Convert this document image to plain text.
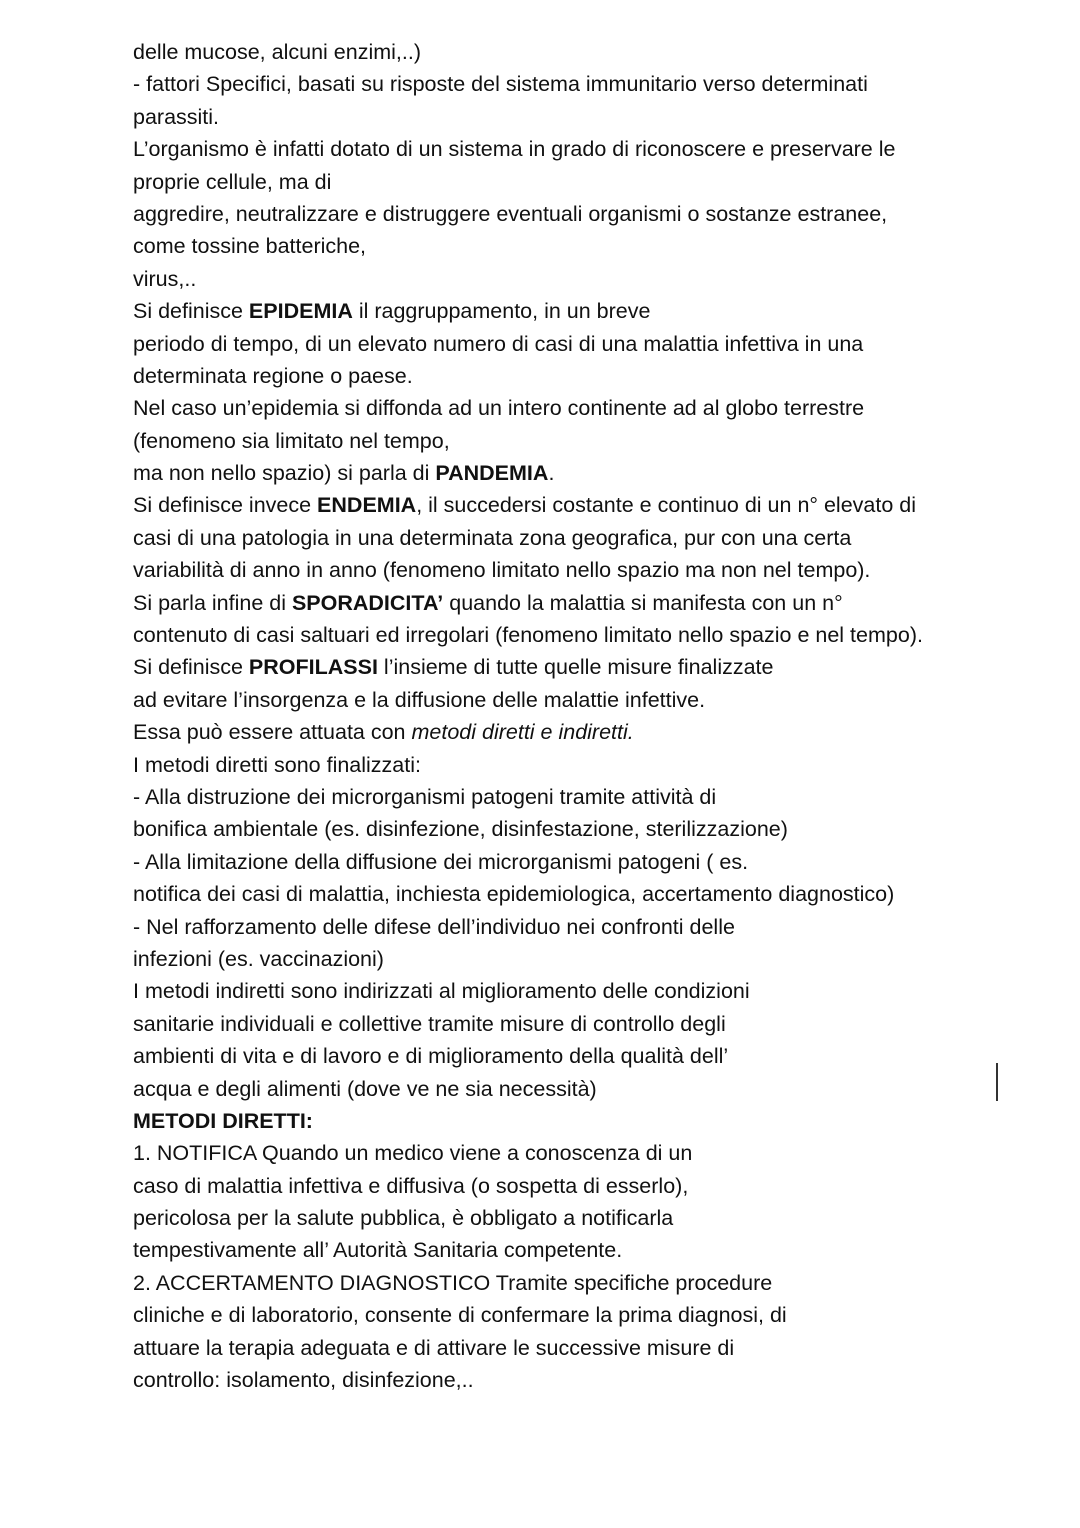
delle mucose, alcuni enzimi,..)
- fattori Specifici, basati su risposte del sistema immunitario verso determinati
parassiti.
L’organismo è infatti dotato di un sistema in grado di riconoscere e preservare le
proprie cellule, ma di
aggredire, neutralizzare e distruggere eventuali organismi o sostanze estranee,
come tossine batteriche,
virus,..
Si definisce EPIDEMIA il raggruppamento, in un breve
periodo di tempo, di un elevato numero di casi di una malattia infettiva in una
determinata regione o paese.
Nel caso un’epidemia si diffonda ad un intero continente ad al globo terrestre
(fenomeno sia limitato nel tempo,
ma non nello spazio) si parla di PANDEMIA.
Si definisce invece ENDEMIA, il succedersi costante e continuo di un n° elevato di
casi di una patologia in una determinata zona geografica, pur con una certa
variabilità di anno in anno (fenomeno limitato nello spazio ma non nel tempo).
Si parla infine di SPORADICITA’ quando la malattia si manifesta con un n°
contenuto di casi saltuari ed irregolari (fenomeno limitato nello spazio e nel tempo).
Si definisce PROFILASSI l’insieme di tutte quelle misure finalizzate
ad evitare l’insorgenza e la diffusione delle malattie infettive.
Essa può essere attuata con metodi diretti e indiretti.
I metodi diretti sono finalizzati:
- Alla distruzione dei microrganismi patogeni tramite attività di
bonifica ambientale (es. disinfezione, disinfestazione, sterilizzazione)
- Alla limitazione della diffusione dei microrganismi patogeni ( es.
notifica dei casi di malattia, inchiesta epidemiologica, accertamento diagnostico)
- Nel rafforzamento delle difese dell’individuo nei confronti delle
infezioni (es. vaccinazioni)
I metodi indiretti sono indirizzati al miglioramento delle condizioni
sanitarie individuali e collettive tramite misure di controllo degli
ambienti di vita e di lavoro e di miglioramento della qualità dell’
acqua e degli alimenti (dove ve ne sia necessità)
METODI DIRETTI:
1. NOTIFICA Quando un medico viene a conoscenza di un
caso di malattia infettiva e diffusiva (o sospetta di esserlo),
pericolosa per la salute pubblica, è obbligato a notificarla
tempestivamente all’ Autorità Sanitaria competente.
2. ACCERTAMENTO DIAGNOSTICO Tramite specifiche procedure
cliniche e di laboratorio, consente di confermare la prima diagnosi, di
attuare la terapia adeguata e di attivare le successive misure di
controllo: isolamento, disinfezione,..
